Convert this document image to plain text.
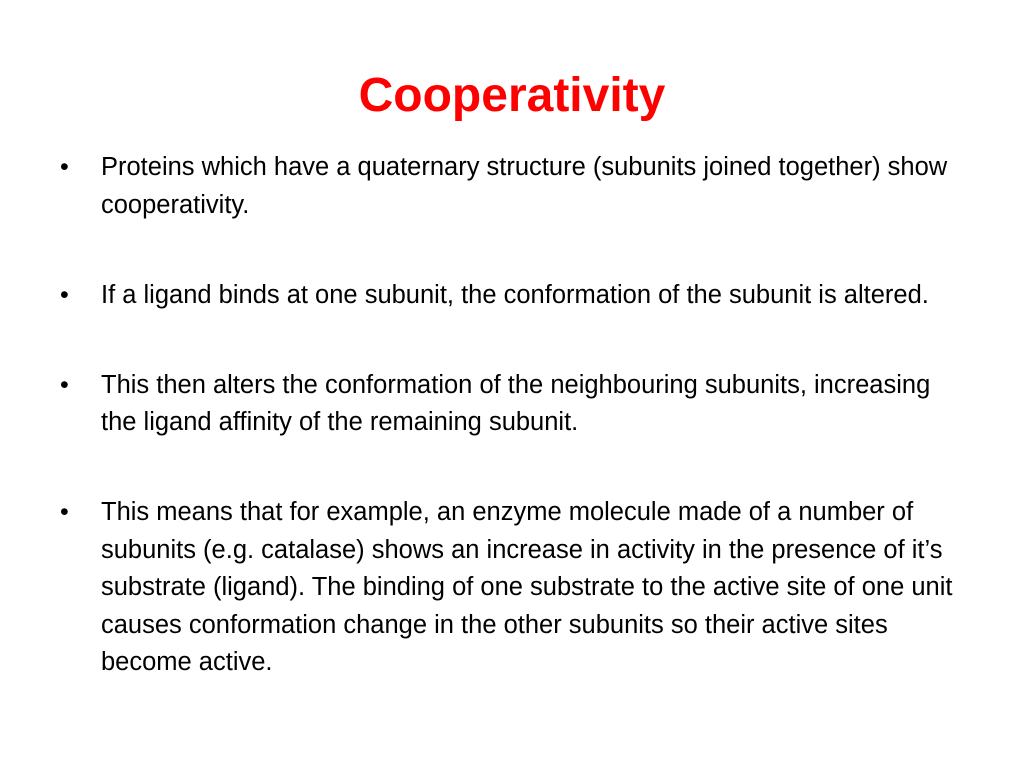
Cooperativity
• Proteins which have a quaternary structure (subunits joined together) show cooperativity.
• If a ligand binds at one subunit, the conformation of the subunit is altered.
• This then alters the conformation of the neighbouring subunits, increasing the ligand affinity of the remaining subunit.
• This means that for example, an enzyme molecule made of a number of subunits (e.g. catalase) shows an increase in activity in the presence of it’s substrate (ligand). The binding of one substrate to the active site of one unit causes conformation change in the other subunits so their active sites become active.
